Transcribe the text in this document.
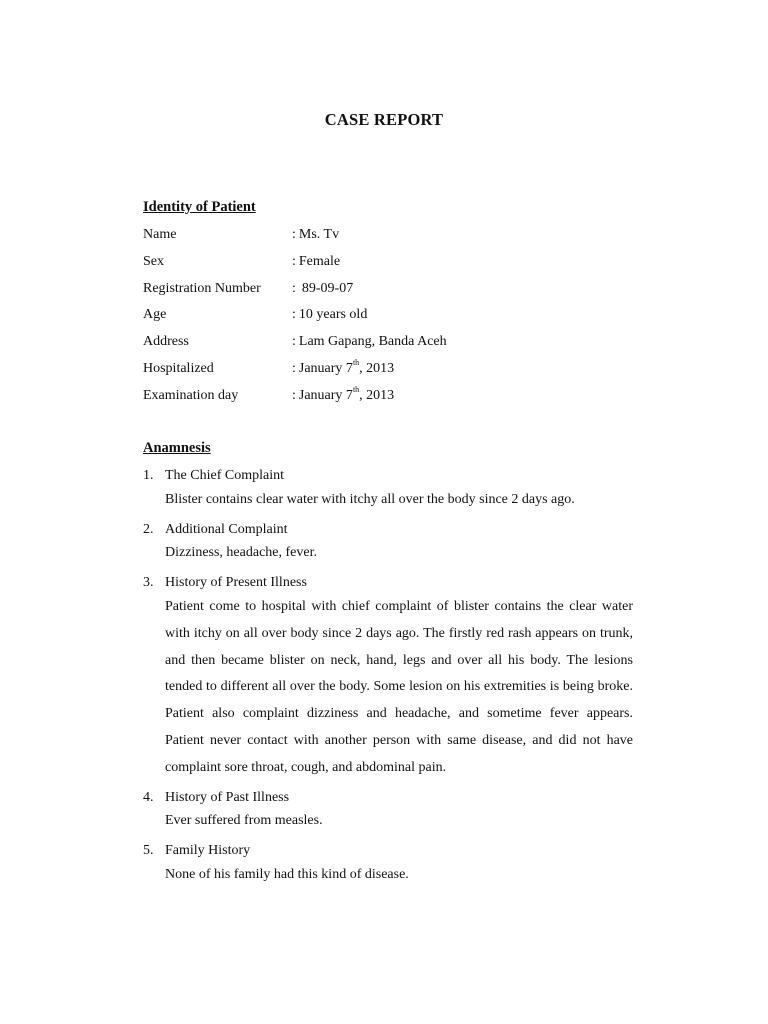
CASE REPORT
Identity of Patient
Name	: Ms. Tv
Sex	: Female
Registration Number	: 89-09-07
Age	: 10 years old
Address	: Lam Gapang, Banda Aceh
Hospitalized	: January 7th, 2013
Examination day	: January 7th, 2013
Anamnesis
1. The Chief Complaint
Blister contains clear water with itchy all over the body since 2 days ago.
2. Additional Complaint
Dizziness, headache, fever.
3. History of Present Illness
Patient come to hospital with chief complaint of blister contains the clear water with itchy on all over body since 2 days ago. The firstly red rash appears on trunk, and then became blister on neck, hand, legs and over all his body. The lesions tended to different all over the body. Some lesion on his extremities is being broke. Patient also complaint dizziness and headache, and sometime fever appears. Patient never contact with another person with same disease, and did not have complaint sore throat, cough, and abdominal pain.
4. History of Past Illness
Ever suffered from measles.
5. Family History
None of his family had this kind of disease.
